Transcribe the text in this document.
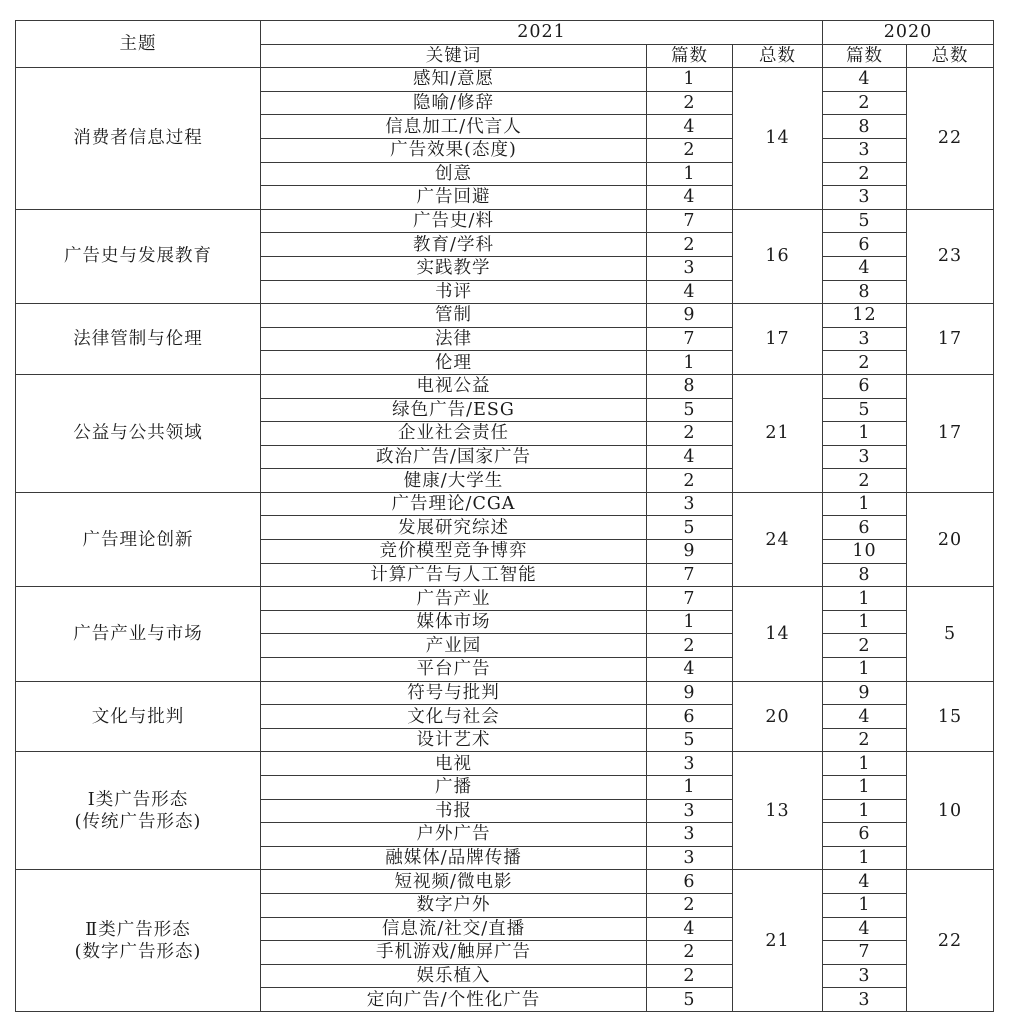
主题	2021			2020	
	关键词	篇数	总数	篇数	总数

消费者信息过程	感知/意愿	1	14	4	22
	隐喻/修辞	2		2	
	信息加工/代言人	4		8	
	广告效果(态度)	2		3	
	创意	1		2	
	广告回避	4		3	

广告史与发展教育	广告史/料	7	16	5	23
	教育/学科	2		6	
	实践教学	3		4	
	书评	4		8	

法律管制与伦理	管制	9	17	12	17
	法律	7		3	
	伦理	1		2	

公益与公共领域	电视公益	8	21	6	17
	绿色广告/ESG	5		5	
	企业社会责任	2		1	
	政治广告/国家广告	4		3	
	健康/大学生	2		2	

广告理论创新	广告理论/CGA	3	24	1	20
	发展研究综述	5		6	
	竞价模型竞争博弈	9		10	
	计算广告与人工智能	7		8	

广告产业与市场	广告产业	7	14	1	5
	媒体市场	1		1	
	产业园	2		2	
	平台广告	4		1	

文化与批判	符号与批判	9	20	9	15
	文化与社会	6		4	
	设计艺术	5		2	

Ⅰ类广告形态
(传统广告形态)	电视	3	13	1	10
	广播	1		1	
	书报	3		1	
	户外广告	3		6	
	融媒体/品牌传播	3		1	

Ⅱ类广告形态
(数字广告形态)	短视频/微电影	6	21	4	22
	数字户外	2		1	
	信息流/社交/直播	4		4	
	手机游戏/触屏广告	2		7	
	娱乐植入	2		3	
	定向广告/个性化广告	5		3	
